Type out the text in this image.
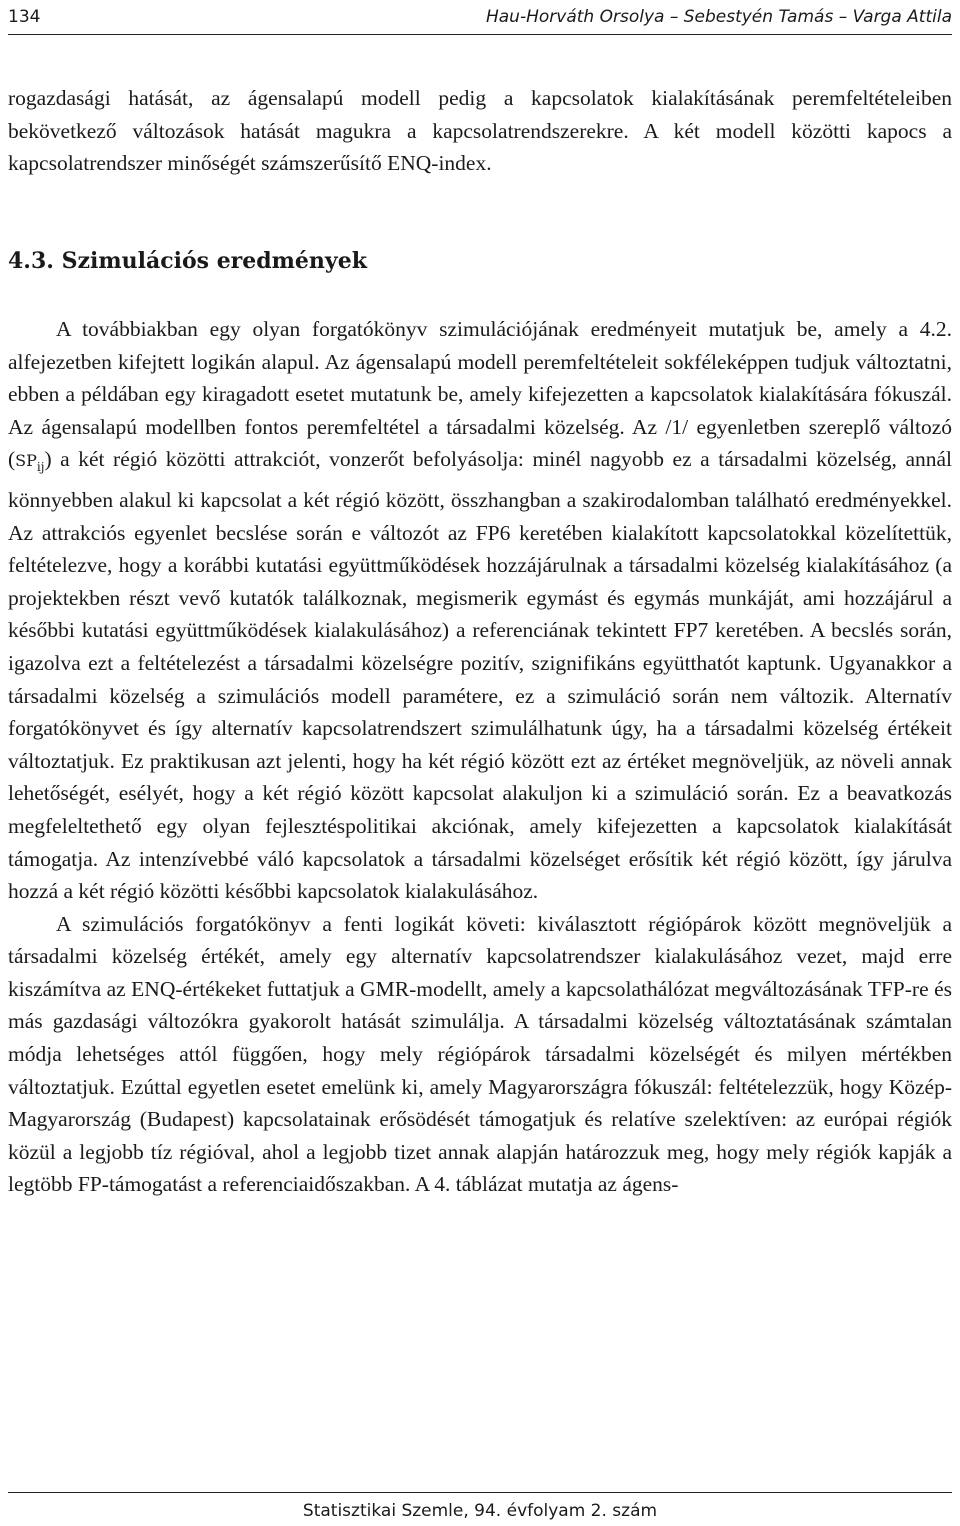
134	Hau-Horváth Orsolya – Sebestyén Tamás – Varga Attila

rogazdasági hatását, az ágensalapú modell pedig a kapcsolatok kialakításának peremfeltételeiben bekövetkező változások hatását magukra a kapcsolatrendszerekre. A két modell közötti kapocs a kapcsolatrendszer minőségét számszerűsítő ENQ-index.

4.3. Szimulációs eredmények

A továbbiakban egy olyan forgatókönyv szimulációjának eredményeit mutatjuk be, amely a 4.2. alfejezetben kifejtett logikán alapul. Az ágensalapú modell peremfeltételeit sokféleképpen tudjuk változtatni, ebben a példában egy kiragadott esetet mutatunk be, amely kifejezetten a kapcsolatok kialakítására fókuszál. Az ágensalapú modellben fontos peremfeltétel a társadalmi közelség. Az /1/ egyenletben szereplő változó $(SP_{ij})$ a két régió közötti attrakciót, vonzerőt befolyásolja: minél nagyobb ez a társadalmi közelség, annál könnyebben alakul ki kapcsolat a két régió között, összhangban a szakirodalomban található eredményekkel. Az attrakciós egyenlet becslése során e változót az FP6 keretében kialakított kapcsolatokkal közelítettük, feltételezve, hogy a korábbi kutatási együttműködések hozzájárulnak a társadalmi közelség kialakításához (a projektekben részt vevő kutatók találkoznak, megismerik egymást és egymás munkáját, ami hozzájárul a későbbi kutatási együttműködések kialakulásához) a referenciának tekintett FP7 keretében. A becslés során, igazolva ezt a feltételezést a társadalmi közelségre pozitív, szignifikáns együtthatót kaptunk. Ugyanakkor a társadalmi közelség a szimulációs modell paramétere, ez a szimuláció során nem változik. Alternatív forgatókönyvet és így alternatív kapcsolatrendszert szimulálhatunk úgy, ha a társadalmi közelség értékeit változtatjuk. Ez praktikusan azt jelenti, hogy ha két régió között ezt az értéket megnöveljük, az növeli annak lehetőségét, esélyét, hogy a két régió között kapcsolat alakuljon ki a szimuláció során. Ez a beavatkozás megfeleltethető egy olyan fejlesztéspolitikai akciónak, amely kifejezetten a kapcsolatok kialakítását támogatja. Az intenzívebbé váló kapcsolatok a társadalmi közelséget erősítik két régió között, így járulva hozzá a két régió közötti későbbi kapcsolatok kialakulásához.

A szimulációs forgatókönyv a fenti logikát követi: kiválasztott régiópárok között megnöveljük a társadalmi közelség értékét, amely egy alternatív kapcsolatrendszer kialakulásához vezet, majd erre kiszámítva az ENQ-értékeket futtatjuk a GMR-modellt, amely a kapcsolathálózat megváltozásának TFP-re és más gazdasági változókra gyakorolt hatását szimulálja. A társadalmi közelség változtatásának számtalan módja lehetséges attól függően, hogy mely régiópárok társadalmi közelségét és milyen mértékben változtatjuk. Ezúttal egyetlen esetet emelünk ki, amely Magyarországra fókuszál: feltételezzük, hogy Közép-Magyarország (Budapest) kapcsolatainak erősödését támogatjuk és relatíve szelektíven: az európai régiók közül a legjobb tíz régióval, ahol a legjobb tizet annak alapján határozzuk meg, hogy mely régiók kapják a legtöbb FP-támogatást a referenciaidőszakban. A 4. táblázat mutatja az ágens-

Statisztikai Szemle, 94. évfolyam 2. szám
